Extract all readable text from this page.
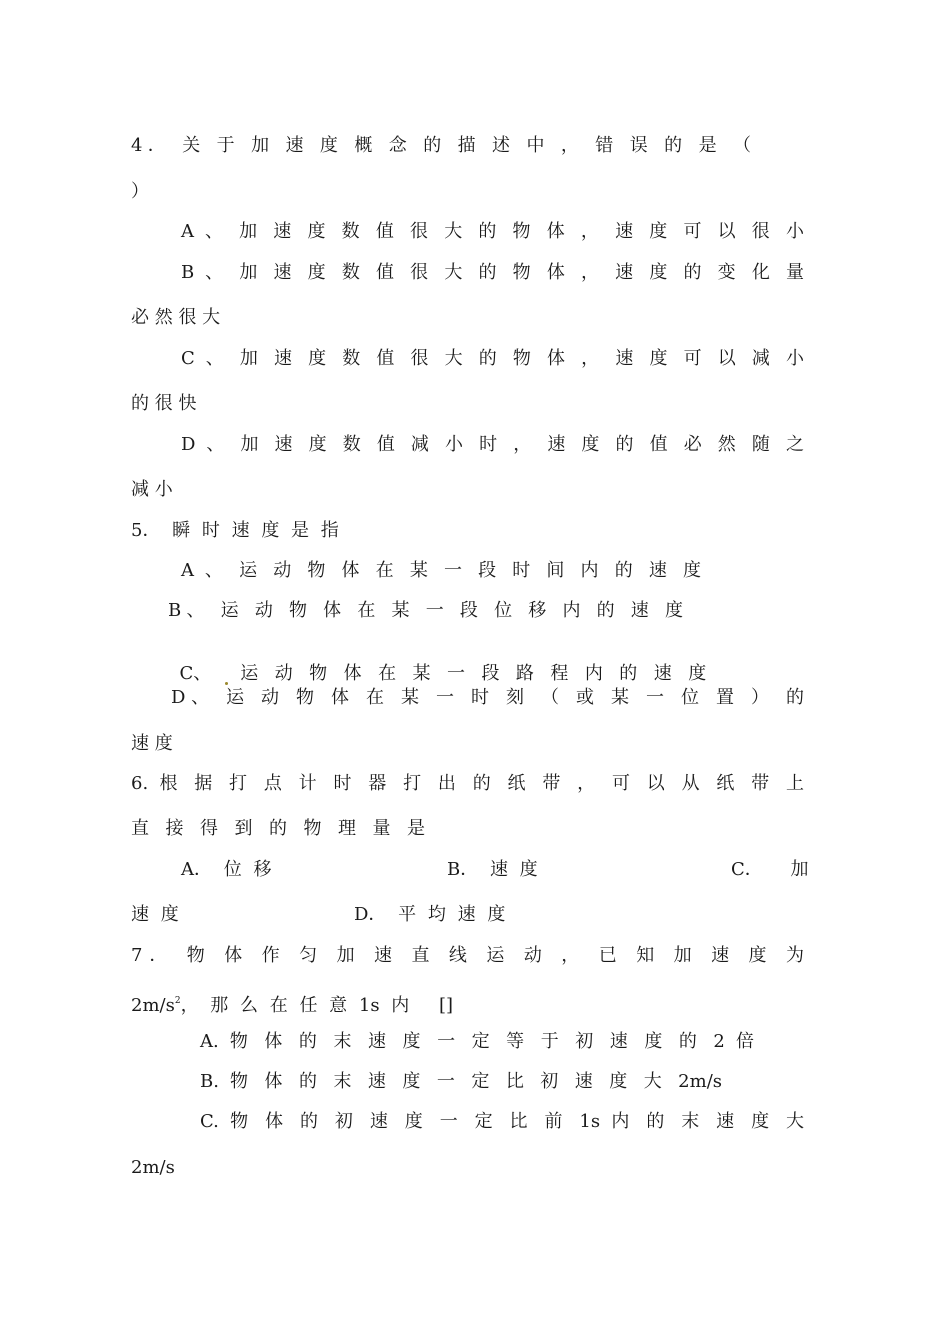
4． 关 于 加 速 度 概 念 的 描 述 中 ， 错 误 的 是 （
）
A 、 加 速 度 数 值 很 大 的 物 体 ， 速 度 可 以 很 小
B 、 加 速 度 数 值 很 大 的 物 体 ， 速 度 的 变 化 量
必 然 很 大
C 、 加 速 度 数 值 很 大 的 物 体 ， 速 度 可 以 减 小
的 很 快
D 、 加 速 度 数 值 减 小 时 ， 速 度 的 值 必 然 随 之
减 小
5． 瞬 时 速 度 是 指
A 、 运 动 物 体 在 某 一 段 时 间 内 的 速 度
B、 运 动 物 体 在 某 一 段 位 移 内 的 速 度

C、 运 动 物 体 在 某 一 段 路 程 内 的 速 度

D、 运 动 物 体 在 某 一 时 刻 （ 或 某 一 位 置 ） 的
速 度
6. 根 据 打 点 计 时 器 打 出 的 纸 带 ， 可 以 从 纸 带 上
直 接 得 到 的 物 理 量 是
A． 位 移	B． 速 度	C． 加
速 度	D． 平 均 速 度
7． 物 体 作 匀 加 速 直 线 运 动 ， 已 知 加 速 度 为
$2m/s^2$， 那 么 在 任 意 1s 内 　[]
A. 物 体 的 末 速 度 一 定 等 于 初 速 度 的 2 倍
B. 物 体 的 末 速 度 一 定 比 初 速 度 大 2m/s
C. 物 体 的 初 速 度 一 定 比 前 1s 内 的 末 速 度 大
2m/s
